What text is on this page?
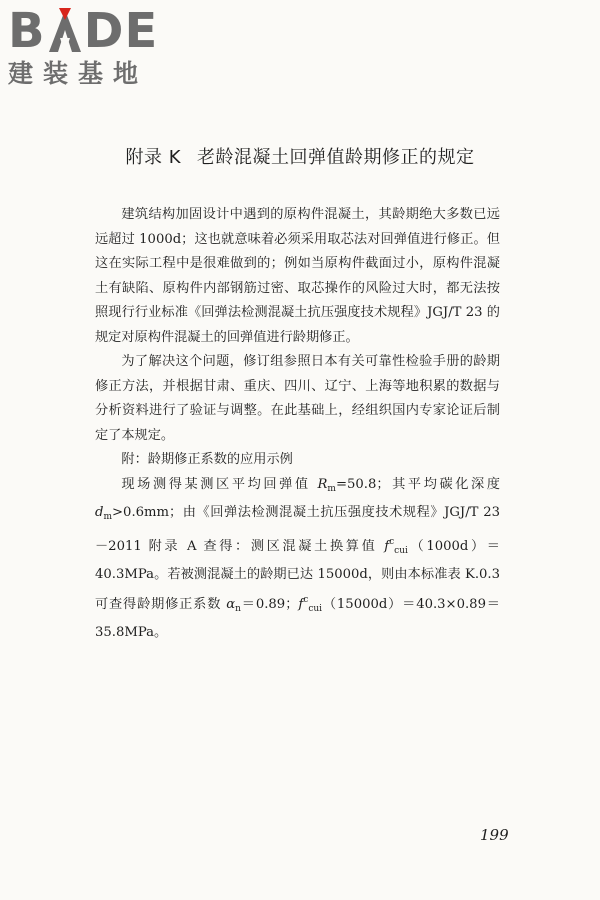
B DE
建装基地
附录 K 老龄混凝土回弹值龄期修正的规定

建筑结构加固设计中遇到的原构件混凝土，其龄期绝大多数已远远超过 1000d；这也就意味着必须采用取芯法对回弹值进行修正。但这在实际工程中是很难做到的；例如当原构件截面过小，原构件混凝土有缺陷、原构件内部钢筋过密、取芯操作的风险过大时，都无法按照现行行业标准《回弹法检测混凝土抗压强度技术规程》JGJ/T 23 的规定对原构件混凝土的回弹值进行龄期修正。

为了解决这个问题，修订组参照日本有关可靠性检验手册的龄期修正方法，并根据甘肃、重庆、四川、辽宁、上海等地积累的数据与分析资料进行了验证与调整。在此基础上，经组织国内专家论证后制定了本规定。

附：龄期修正系数的应用示例

现场测得某测区平均回弹值 $R_m=50.8$；其平均碳化深度 $d_m>0.6mm$；由《回弹法检测混凝土抗压强度技术规程》JGJ/T 23－2011 附录 A 查得：测区混凝土换算值 $f^c_{cui}(1000d)=40.3MPa$。若被测混凝土的龄期已达 15000d，则由本标准表 K.0.3 可查得龄期修正系数 $\alpha_n=0.89$；$f^c_{cui}(15000d)=40.3\times 0.89=35.8MPa$。

199
